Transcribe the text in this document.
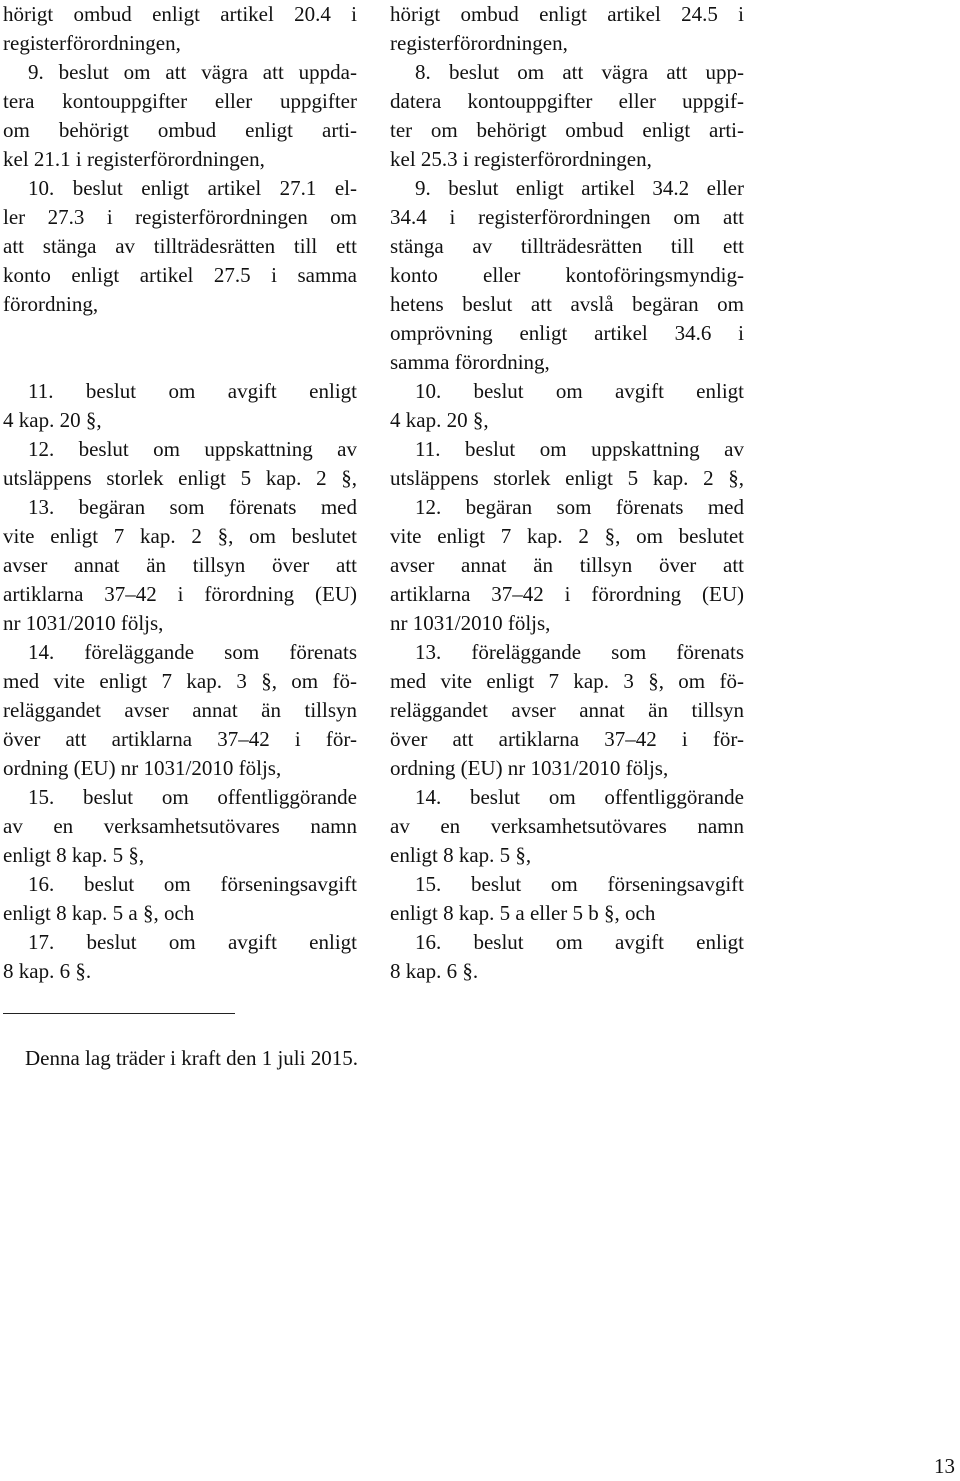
hörigt ombud enligt artikel 20.4 i
registerförordningen,
9. beslut om att vägra att uppda-
tera kontouppgifter eller uppgifter
om behörigt ombud enligt arti-
kel 21.1 i registerförordningen,
10. beslut enligt artikel 27.1 el-
ler 27.3 i registerförordningen om
att stänga av tillträdesrätten till ett
konto enligt artikel 27.5 i samma
förordning,
11. beslut om avgift enligt
4 kap. 20 §,
12. beslut om uppskattning av
utsläppens storlek enligt 5 kap. 2 §,
13. begäran som förenats med
vite enligt 7 kap. 2 §, om beslutet
avser annat än tillsyn över att
artiklarna 37–42 i förordning (EU)
nr 1031/2010 följs,
14. föreläggande som förenats
med vite enligt 7 kap. 3 §, om fö-
reläggandet avser annat än tillsyn
över att artiklarna 37–42 i för-
ordning (EU) nr 1031/2010 följs,
15. beslut om offentliggörande
av en verksamhetsutövares namn
enligt 8 kap. 5 §,
16. beslut om förseningsavgift
enligt 8 kap. 5 a §, och
17. beslut om avgift enligt
8 kap. 6 §.
hörigt ombud enligt artikel 24.5 i
registerförordningen,
8. beslut om att vägra att upp-
datera kontouppgifter eller uppgif-
ter om behörigt ombud enligt arti-
kel 25.3 i registerförordningen,
9. beslut enligt artikel 34.2 eller
34.4 i registerförordningen om att
stänga av tillträdesrätten till ett
konto eller kontoföringsmyndig-
hetens beslut att avslå begäran om
omprövning enligt artikel 34.6 i
samma förordning,
10. beslut om avgift enligt
4 kap. 20 §,
11. beslut om uppskattning av
utsläppens storlek enligt 5 kap. 2 §,
12. begäran som förenats med
vite enligt 7 kap. 2 §, om beslutet
avser annat än tillsyn över att
artiklarna 37–42 i förordning (EU)
nr 1031/2010 följs,
13. föreläggande som förenats
med vite enligt 7 kap. 3 §, om fö-
reläggandet avser annat än tillsyn
över att artiklarna 37–42 i för-
ordning (EU) nr 1031/2010 följs,
14. beslut om offentliggörande
av en verksamhetsutövares namn
enligt 8 kap. 5 §,
15. beslut om förseningsavgift
enligt 8 kap. 5 a eller 5 b §, och
16. beslut om avgift enligt
8 kap. 6 §.
Denna lag träder i kraft den 1 juli 2015.
13
